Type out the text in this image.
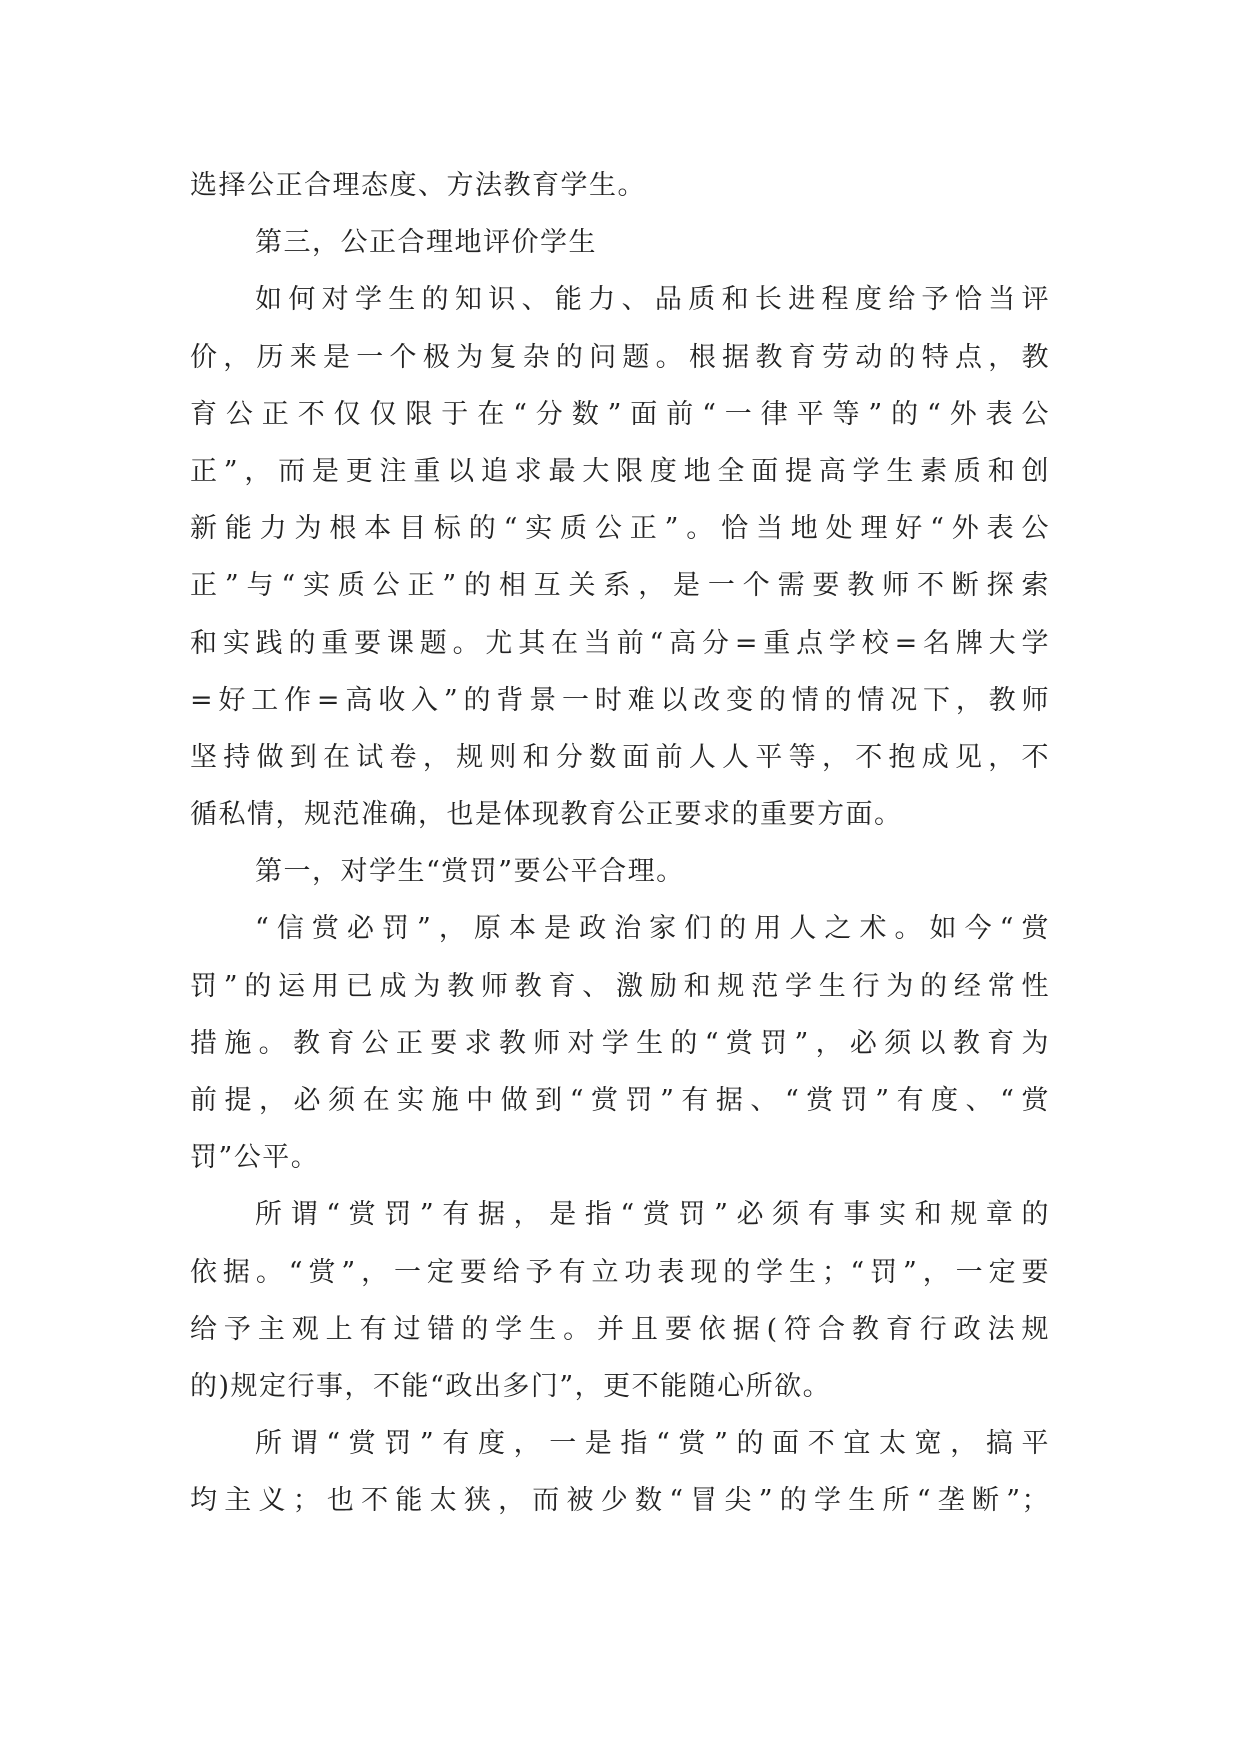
选择公正合理态度、方法教育学生。
第三，公正合理地评价学生
如何对学生的知识、能力、品质和长进程度给予恰当评
价，历来是一个极为复杂的问题。根据教育劳动的特点，教
育公正不仅仅限于在“分数”面前“一律平等”的“外表公
正”，而是更注重以追求最大限度地全面提高学生素质和创
新能力为根本目标的“实质公正”。恰当地处理好“外表公
正”与“实质公正”的相互关系，是一个需要教师不断探索
和实践的重要课题。尤其在当前“高分=重点学校=名牌大学
=好工作=高收入”的背景一时难以改变的情的情况下，教师
坚持做到在试卷，规则和分数面前人人平等，不抱成见，不
循私情，规范准确，也是体现教育公正要求的重要方面。
第一，对学生“赏罚”要公平合理。
“信赏必罚”，原本是政治家们的用人之术。如今“赏
罚”的运用已成为教师教育、激励和规范学生行为的经常性
措施。教育公正要求教师对学生的“赏罚”，必须以教育为
前提，必须在实施中做到“赏罚”有据、“赏罚”有度、“赏
罚”公平。
所谓“赏罚”有据，是指“赏罚”必须有事实和规章的
依据。“赏”，一定要给予有立功表现的学生；“罚”，一定要
给予主观上有过错的学生。并且要依据(符合教育行政法规
的)规定行事，不能“政出多门”，更不能随心所欲。
所谓“赏罚”有度，一是指“赏”的面不宜太宽，搞平
均主义；也不能太狭，而被少数“冒尖”的学生所“垄断”；
